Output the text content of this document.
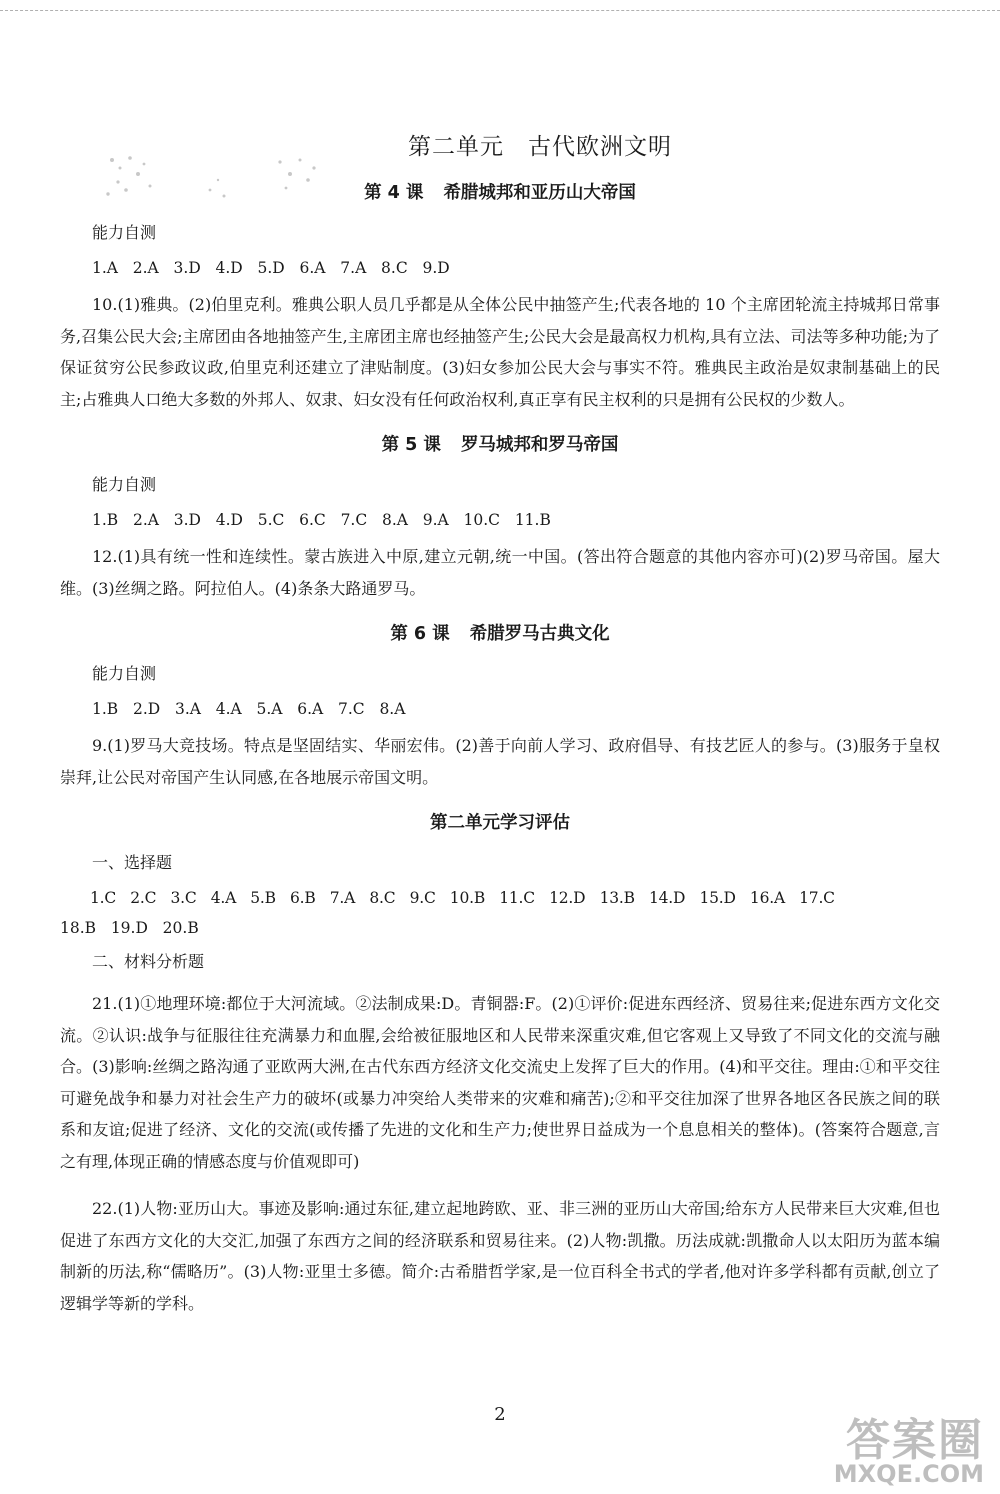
第二单元 古代欧洲文明
第 4 课 希腊城邦和亚历山大帝国
能力自测
1.A   2.A   3.D   4.D   5.D   6.A   7.A   8.C   9.D

10.(1)雅典。(2)伯里克利。雅典公职人员几乎都是从全体公民中抽签产生;代表各地的 10 个主席团轮流主持城邦日常事务,召集公民大会;主席团由各地抽签产生,主席团主席也经抽签产生;公民大会是最高权力机构,具有立法、司法等多种功能;为了保证贫穷公民参政议政,伯里克利还建立了津贴制度。(3)妇女参加公民大会与事实不符。雅典民主政治是奴隶制基础上的民主;占雅典人口绝大多数的外邦人、奴隶、妇女没有任何政治权利,真正享有民主权利的只是拥有公民权的少数人。

第 5 课 罗马城邦和罗马帝国
能力自测
1.B   2.A   3.D   4.D   5.C   6.C   7.C   8.A   9.A   10.C   11.B

12.(1)具有统一性和连续性。蒙古族进入中原,建立元朝,统一中国。(答出符合题意的其他内容亦可)(2)罗马帝国。屋大维。(3)丝绸之路。阿拉伯人。(4)条条大路通罗马。

第 6 课 希腊罗马古典文化
能力自测
1.B   2.D   3.A   4.A   5.A   6.A   7.C   8.A

9.(1)罗马大竞技场。特点是坚固结实、华丽宏伟。(2)善于向前人学习、政府倡导、有技艺匠人的参与。(3)服务于皇权崇拜,让公民对帝国产生认同感,在各地展示帝国文明。

第二单元学习评估
一、选择题
1.C   2.C   3.C   4.A   5.B   6.B   7.A   8.C   9.C   10.B   11.C   12.D   13.B   14.D   15.D   16.A   17.C
18.B   19.D   20.B
二、材料分析题

21.(1)①地理环境:都位于大河流域。②法制成果:D。青铜器:F。(2)①评价:促进东西经济、贸易往来;促进东西方文化交流。②认识:战争与征服往往充满暴力和血腥,会给被征服地区和人民带来深重灾难,但它客观上又导致了不同文化的交流与融合。(3)影响:丝绸之路沟通了亚欧两大洲,在古代东西方经济文化交流史上发挥了巨大的作用。(4)和平交往。理由:①和平交往可避免战争和暴力对社会生产力的破坏(或暴力冲突给人类带来的灾难和痛苦);②和平交往加深了世界各地区各民族之间的联系和友谊;促进了经济、文化的交流(或传播了先进的文化和生产力;使世界日益成为一个息息相关的整体)。(答案符合题意,言之有理,体现正确的情感态度与价值观即可)

22.(1)人物:亚历山大。事迹及影响:通过东征,建立起地跨欧、亚、非三洲的亚历山大帝国;给东方人民带来巨大灾难,但也促进了东西方文化的大交汇,加强了东西方之间的经济联系和贸易往来。(2)人物:凯撒。历法成就:凯撒命人以太阳历为蓝本编制新的历法,称“儒略历”。(3)人物:亚里士多德。简介:古希腊哲学家,是一位百科全书式的学者,他对许多学科都有贡献,创立了逻辑学等新的学科。

2
答案圈
MXQE.COM
